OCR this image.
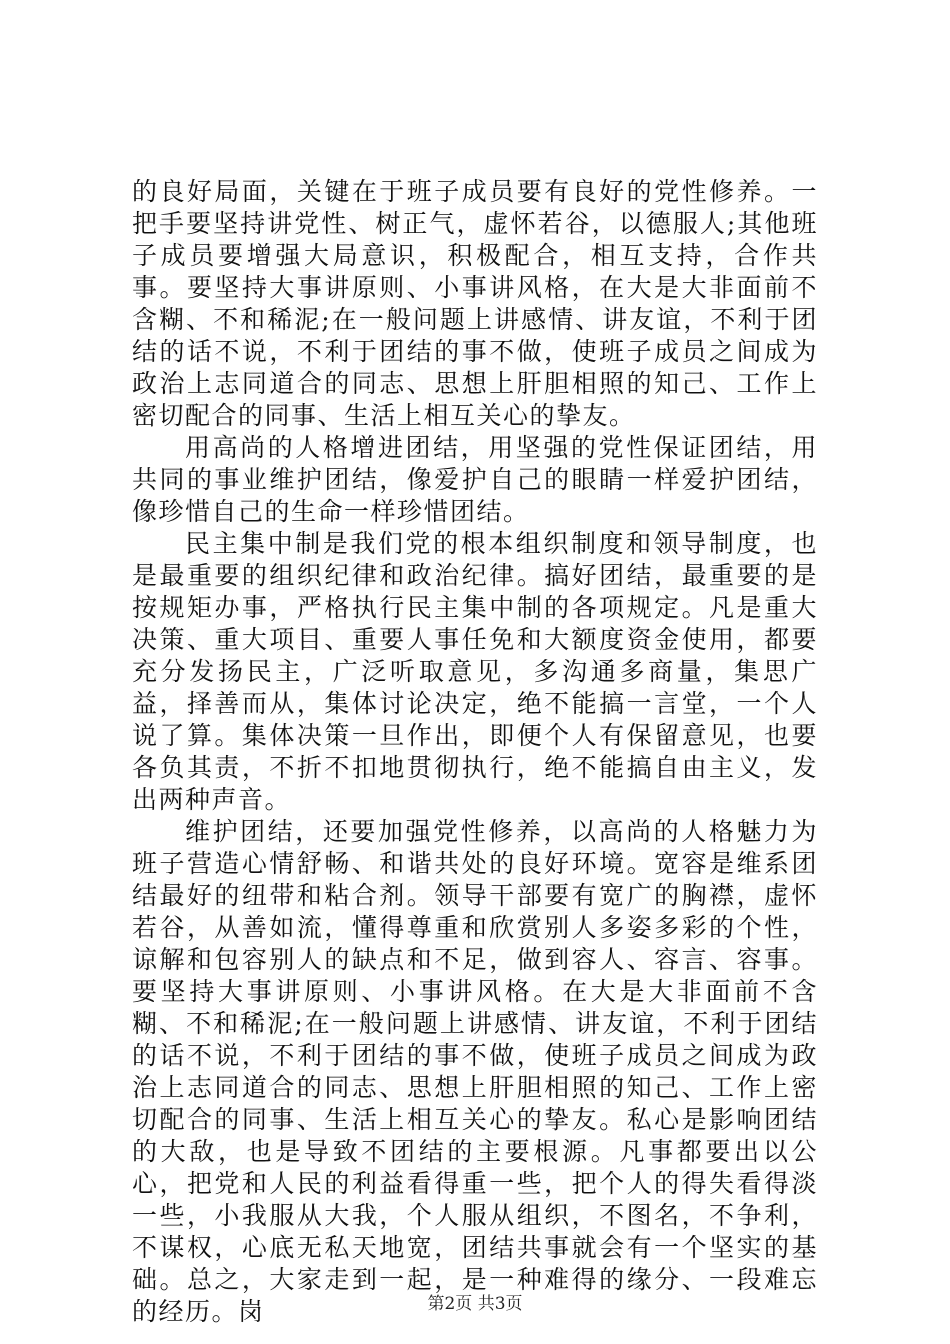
的良好局面，关键在于班子成员要有良好的党性修养。一把手要坚持讲党性、树正气，虚怀若谷，以德服人;其他班子成员要增强大局意识，积极配合，相互支持，合作共事。要坚持大事讲原则、小事讲风格，在大是大非面前不含糊、不和稀泥;在一般问题上讲感情、讲友谊，不利于团结的话不说，不利于团结的事不做，使班子成员之间成为政治上志同道合的同志、思想上肝胆相照的知己、工作上密切配合的同事、生活上相互关心的挚友。

用高尚的人格增进团结，用坚强的党性保证团结，用共同的事业维护团结，像爱护自己的眼睛一样爱护团结，像珍惜自己的生命一样珍惜团结。

民主集中制是我们党的根本组织制度和领导制度，也是最重要的组织纪律和政治纪律。搞好团结，最重要的是按规矩办事，严格执行民主集中制的各项规定。凡是重大决策、重大项目、重要人事任免和大额度资金使用，都要充分发扬民主，广泛听取意见，多沟通多商量，集思广益，择善而从，集体讨论决定，绝不能搞一言堂，一个人说了算。集体决策一旦作出，即便个人有保留意见，也要各负其责，不折不扣地贯彻执行，绝不能搞自由主义，发出两种声音。

维护团结，还要加强党性修养，以高尚的人格魅力为班子营造心情舒畅、和谐共处的良好环境。宽容是维系团结最好的纽带和粘合剂。领导干部要有宽广的胸襟，虚怀若谷，从善如流，懂得尊重和欣赏别人多姿多彩的个性，谅解和包容别人的缺点和不足，做到容人、容言、容事。要坚持大事讲原则、小事讲风格。在大是大非面前不含糊、不和稀泥;在一般问题上讲感情、讲友谊，不利于团结的话不说，不利于团结的事不做，使班子成员之间成为政治上志同道合的同志、思想上肝胆相照的知己、工作上密切配合的同事、生活上相互关心的挚友。私心是影响团结的大敌，也是导致不团结的主要根源。凡事都要出以公心，把党和人民的利益看得重一些，把个人的得失看得淡一些，小我服从大我，个人服从组织，不图名，不争利，不谋权，心底无私天地宽，团结共事就会有一个坚实的基础。总之，大家走到一起，是一种难得的缘分、一段难忘的经历。岗	第2页 共3页
